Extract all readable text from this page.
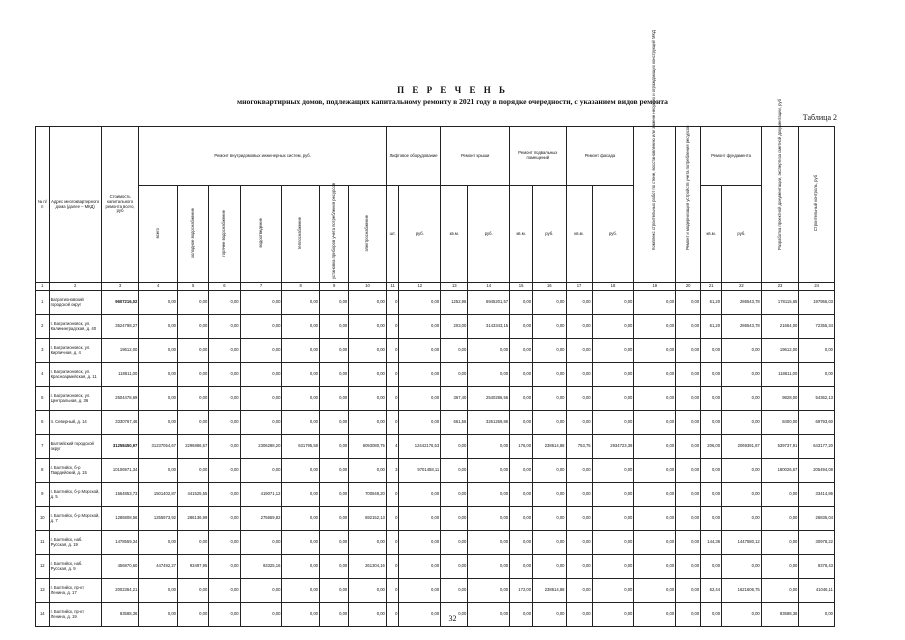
П Е Р Е Ч Е Н Ь
многоквартирных домов, подлежащих капитальному ремонту в 2021 году в порядке очередности, с указанием видов ремонта
Таблица 2
№ п/п	Адрес многоквартирного дома (далее – МКД)	Стоимость капитального ремонта всего, руб	Ремонт внутридомовых инженерных систем, руб.							Лифтовое оборудование		Ремонт крыши		Ремонт подвальных помещений		Ремонт фасада		Комплекс строительных работ по стене, восстановлению или замене несущих и ограждающих конструкций МКД	Ремонт и модернизация устройств учета потребления ресурсов	Ремонт фундамента		Разработка проектной документации, экспертиза сметной документации, руб	Строительный контроль, руб
			всего	холодное водоснабжение	горячее водоснабжение	водоотведение	теплоснабжение	установка приборов учета потребления ресурсов	электроснабжение	шт.	руб.	кв.м.	руб.	кв.м.	руб.	кв.м.	руб.			кв.м.	руб.		
1	2	3	4	5	6	7	8	9	10	11	12	13	14	15	16	17	18	19	20	21	22	23	24
1	Багратионовский городской округ	9607216,02	0,00	0,00	0,00	0,00	0,00	0,00	0,00	0	0,00	1252,96	6945201,57	0,00	0,00	0,00	0,00	0,00	0,00	61,20	286543,78	178115,65	197956,03
2	г. Багратионовск, ул. Калининградская, д. 40	3524798,27	0,00	0,00	0,00	0,00	0,00	0,00	0,00	0	0,00	203,00	3143343,15	0,00	0,00	0,00	0,00	0,00	0,00	61,20	286543,78	21664,00	72355,34
3	г. Багратионовск, ул. Кирпичная, д. 4	19612,00	0,00	0,00	0,00	0,00	0,00	0,00	0,00	0	0,00	0,00	0,00	0,00	0,00	0,00	0,00	0,00	0,00	0,00	0,00	19612,00	0,00
4	г. Багратионовск, ул. Красноармейская, д. 11	118611,00	0,00	0,00	0,00	0,00	0,00	0,00	0,00	0	0,00	0,00	0,00	0,00	0,00	0,00	0,00	0,00	0,00	0,00	0,00	118611,00	0,00
5	г. Багратионовск, ул. Центральная, д. 36	2604478,69	0,00	0,00	0,00	0,00	0,00	0,00	0,00	0	0,00	367,40	2540286,56	0,00	0,00	0,00	0,00	0,00	0,00	0,00	0,00	9828,00	54362,13
6	п. Северный, д. 14	3330767,46	0,00	0,00	0,00	0,00	0,00	0,00	0,00	0	0,00	661,56	3261269,86	0,00	0,00	0,00	0,00	0,00	0,00	0,00	0,00	8400,00	69793,60
7	Балтийский городской округ	31258450,97	31237054,67	2296886,57	0,00	2306288,20	631795,58	0,00	6093080,75	4	12442176,53	0,00	0,00	176,00	238614,88	753,75	2934723,39	0,00	0,00	206,00	2069391,87	539737,91	643177,20
8	г. Балтийск, б-р Гвардейский, д. 15	10106971,34	0,00	0,00	0,00	0,00	0,00	0,00	0,00	3	9701458,11	0,00	0,00	0,00	0,00	0,00	0,00	0,00	0,00	0,00	0,00	180026,67	205494,08
9	г. Балтийск, б-р Морской, д. 5	1564853,73	1501402,87	441525,55	0,00	419071,12	0,00	0,00	700848,20	0	0,00	0,00	0,00	0,00	0,00	0,00	0,00	0,00	0,00	0,00	0,00	0,00	33414,86
10	г. Балтийск, б-р Морской, д. 7	1286808,56	1255973,92	286136,99	0,00	275659,82	0,00	0,00	692152,13	0	0,00	0,00	0,00	0,00	0,00	0,00	0,00	0,00	0,00	0,00	0,00	0,00	26835,04
11	г. Балтийск, наб. Русская, д. 19	1478559,34	0,00	0,00	0,00	0,00	0,00	0,00	0,00	0	0,00	0,00	0,00	0,00	0,00	0,00	0,00	0,00	0,00	144,36	1447580,12	0,00	30978,22
12	г. Балтийск, наб. Русская, д. 9	456870,60	447492,27	93497,95	0,00	93325,16	0,00	0,00	261304,16	0	0,00	0,00	0,00	0,00	0,00	0,00	0,00	0,00	0,00	0,00	0,00	0,00	9378,43
13	г. Балтийск, пр-кт Ленина, д. 17	2002364,21	0,00	0,00	0,00	0,00	0,00	0,00	0,00	0	0,00	0,00	0,00	172,00	238614,88	0,00	0,00	0,00	0,00	62,44	1621606,75	0,00	41046,11
14	г. Балтийск, пр-кт Ленина, д. 19	83588,36	0,00	0,00	0,00	0,00	0,00	0,00	0,00	0	0,00	0,00	0,00	0,00	0,00	0,00	0,00	0,00	0,00	0,00	0,00	83588,36	0,00
32
